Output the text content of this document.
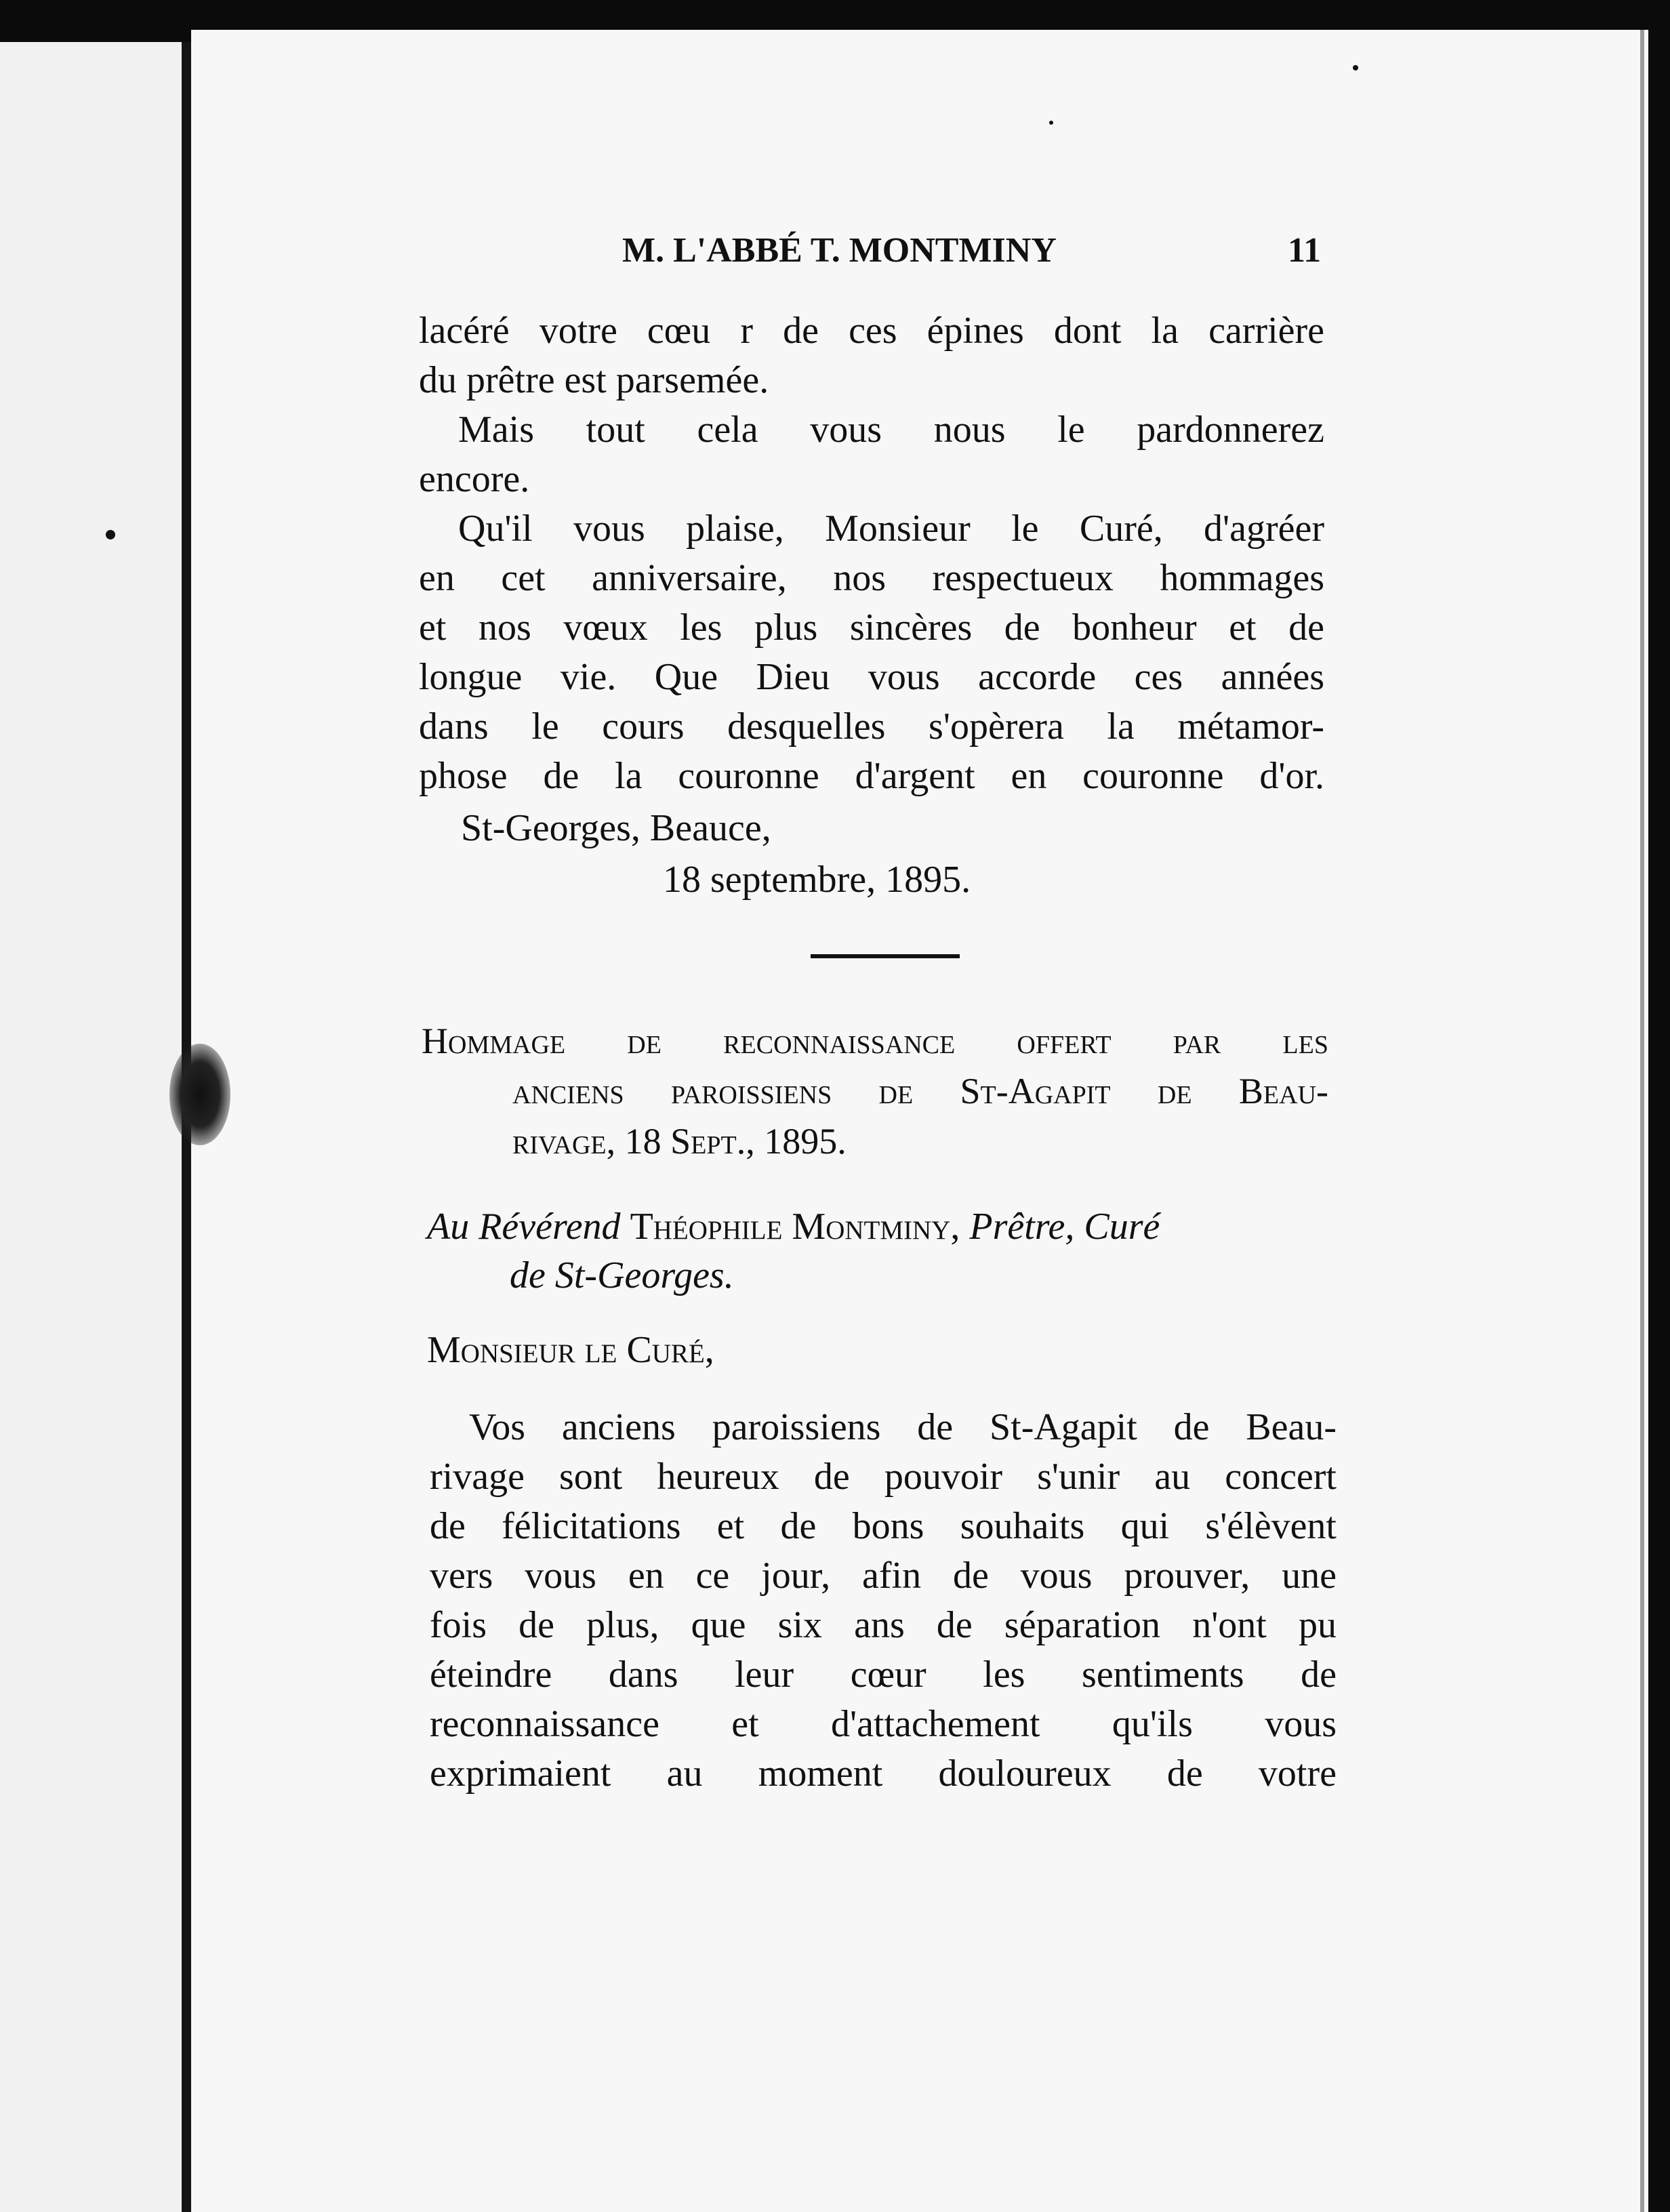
M. L'ABBÉ T. MONTMINY	11
lacéré votre cœu r de ces épines dont la carrière
du prêtre est parsemée.
Mais tout cela vous nous le pardonnerez
encore.
Qu'il vous plaise, Monsieur le Curé, d'agréer
en cet anniversaire, nos respectueux hommages
et nos vœux les plus sincères de bonheur et de
longue vie. Que Dieu vous accorde ces années
dans le cours desquelles s'opèrera la métamor-
phose de la couronne d'argent en couronne d'or.
St-Georges, Beauce,
18 septembre, 1895.
Hommage de reconnaissance offert par les
anciens paroissiens de St-Agapit de Beau-
rivage, 18 Sept., 1895.
Au Révérend Théophile Montminy, Prêtre, Curé
de St-Georges.
Monsieur le Curé,
Vos anciens paroissiens de St-Agapit de Beau-
rivage sont heureux de pouvoir s'unir au concert
de félicitations et de bons souhaits qui s'élèvent
vers vous en ce jour, afin de vous prouver, une
fois de plus, que six ans de séparation n'ont pu
éteindre dans leur cœur les sentiments de
reconnaissance et d'attachement qu'ils vous
exprimaient au moment douloureux de votre
